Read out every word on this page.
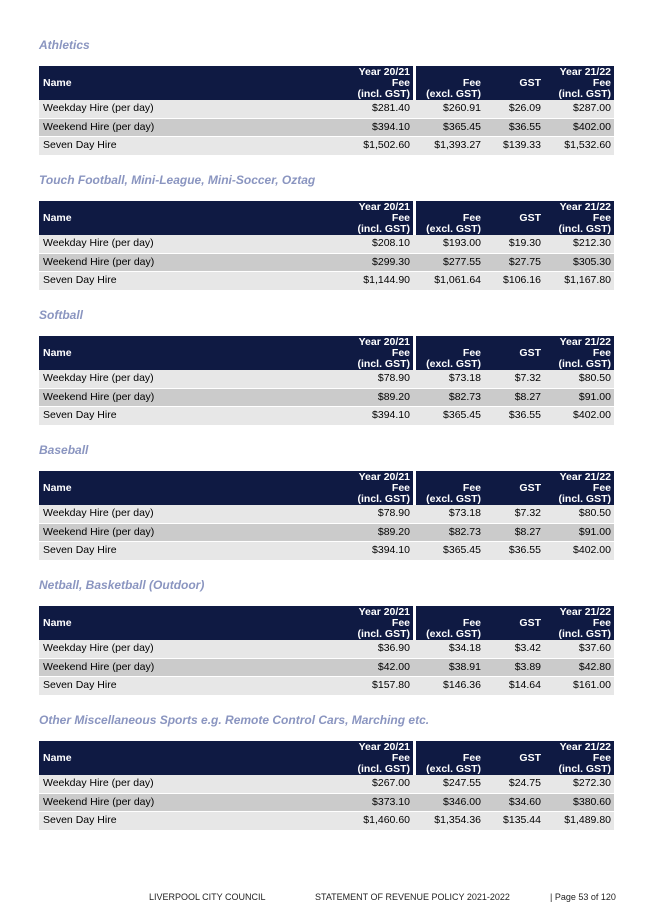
Athletics
Name	Year 20/21
Fee
(incl. GST)	Fee
(excl. GST)	GST	Year 21/22
Fee
(incl. GST)

Weekday Hire (per day)	$281.40	$260.91	$26.09	$287.00
Weekend Hire (per day)	$394.10	$365.45	$36.55	$402.00
Seven Day Hire	$1,502.60	$1,393.27	$139.33	$1,532.60
Touch Football, Mini-League, Mini-Soccer, Oztag
Name	Year 20/21
Fee
(incl. GST)	Fee
(excl. GST)	GST	Year 21/22
Fee
(incl. GST)

Weekday Hire (per day)	$208.10	$193.00	$19.30	$212.30
Weekend Hire (per day)	$299.30	$277.55	$27.75	$305.30
Seven Day Hire	$1,144.90	$1,061.64	$106.16	$1,167.80
Softball
Name	Year 20/21
Fee
(incl. GST)	Fee
(excl. GST)	GST	Year 21/22
Fee
(incl. GST)

Weekday Hire (per day)	$78.90	$73.18	$7.32	$80.50
Weekend Hire (per day)	$89.20	$82.73	$8.27	$91.00
Seven Day Hire	$394.10	$365.45	$36.55	$402.00
Baseball
Name	Year 20/21
Fee
(incl. GST)	Fee
(excl. GST)	GST	Year 21/22
Fee
(incl. GST)

Weekday Hire (per day)	$78.90	$73.18	$7.32	$80.50
Weekend Hire (per day)	$89.20	$82.73	$8.27	$91.00
Seven Day Hire	$394.10	$365.45	$36.55	$402.00
Netball, Basketball (Outdoor)
Name	Year 20/21
Fee
(incl. GST)	Fee
(excl. GST)	GST	Year 21/22
Fee
(incl. GST)

Weekday Hire (per day)	$36.90	$34.18	$3.42	$37.60
Weekend Hire (per day)	$42.00	$38.91	$3.89	$42.80
Seven Day Hire	$157.80	$146.36	$14.64	$161.00
Other Miscellaneous Sports e.g. Remote Control Cars, Marching etc.
Name	Year 20/21
Fee
(incl. GST)	Fee
(excl. GST)	GST	Year 21/22
Fee
(incl. GST)

Weekday Hire (per day)	$267.00	$247.55	$24.75	$272.30
Weekend Hire (per day)	$373.10	$346.00	$34.60	$380.60
Seven Day Hire	$1,460.60	$1,354.36	$135.44	$1,489.80
LIVERPOOL CITY COUNCIL	STATEMENT OF REVENUE POLICY 2021-2022	| Page 53 of 120
